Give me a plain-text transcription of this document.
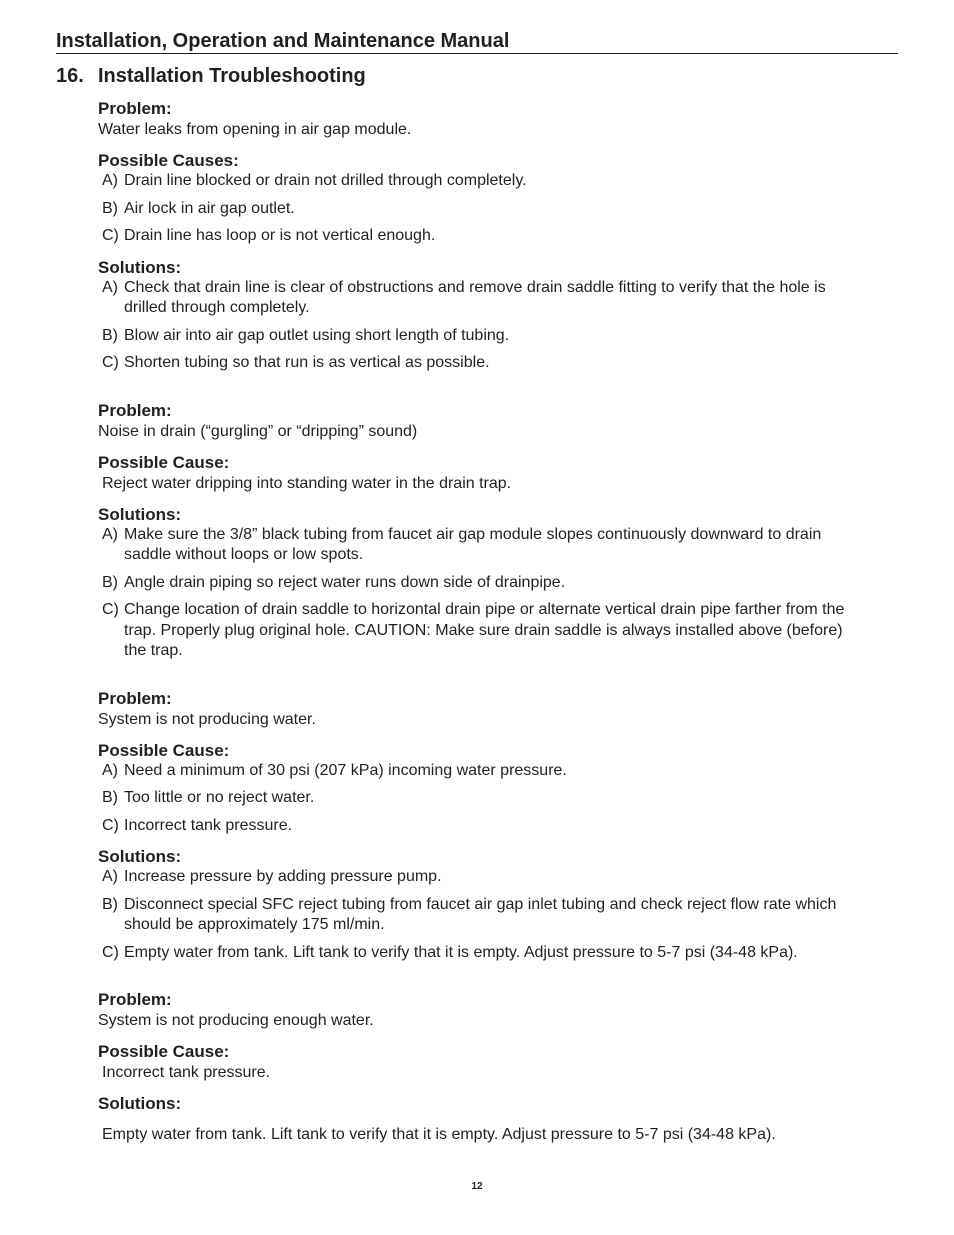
Installation, Operation and Maintenance Manual
16. Installation Troubleshooting

Problem:

Water leaks from opening in air gap module.

Possible Causes:

A) Drain line blocked or drain not drilled through completely.
B) Air lock in air gap outlet.
C) Drain line has loop or is not vertical enough.

Solutions:

A) Check that drain line is clear of obstructions and remove drain saddle fitting to verify that the hole is
drilled through completely.
B) Blow air into air gap outlet using short length of tubing.
C) Shorten tubing so that run is as vertical as possible.

Problem:

Noise in drain (“gurgling” or “dripping” sound)

Possible Cause:

Reject water dripping into standing water in the drain trap.

Solutions:

A) Make sure the 3/8” black tubing from faucet air gap module slopes continuously downward to drain
saddle without loops or low spots.
B) Angle drain piping so reject water runs down side of drainpipe.
C) Change location of drain saddle to horizontal drain pipe or alternate vertical drain pipe farther from the
trap. Properly plug original hole. CAUTION: Make sure drain saddle is always installed above (before)
the trap.

Problem:

System is not producing water.

Possible Cause:

A) Need a minimum of 30 psi (207 kPa) incoming water pressure.
B) Too little or no reject water.
C) Incorrect tank pressure.

Solutions:

A) Increase pressure by adding pressure pump.
B) Disconnect special SFC reject tubing from faucet air gap inlet tubing and check reject flow rate which
should be approximately 175 ml/min.
C) Empty water from tank. Lift tank to verify that it is empty. Adjust pressure to 5-7 psi (34-48 kPa).

Problem:

System is not producing enough water.

Possible Cause:

Incorrect tank pressure.

Solutions:

Empty water from tank. Lift tank to verify that it is empty. Adjust pressure to 5-7 psi (34-48 kPa).

12
